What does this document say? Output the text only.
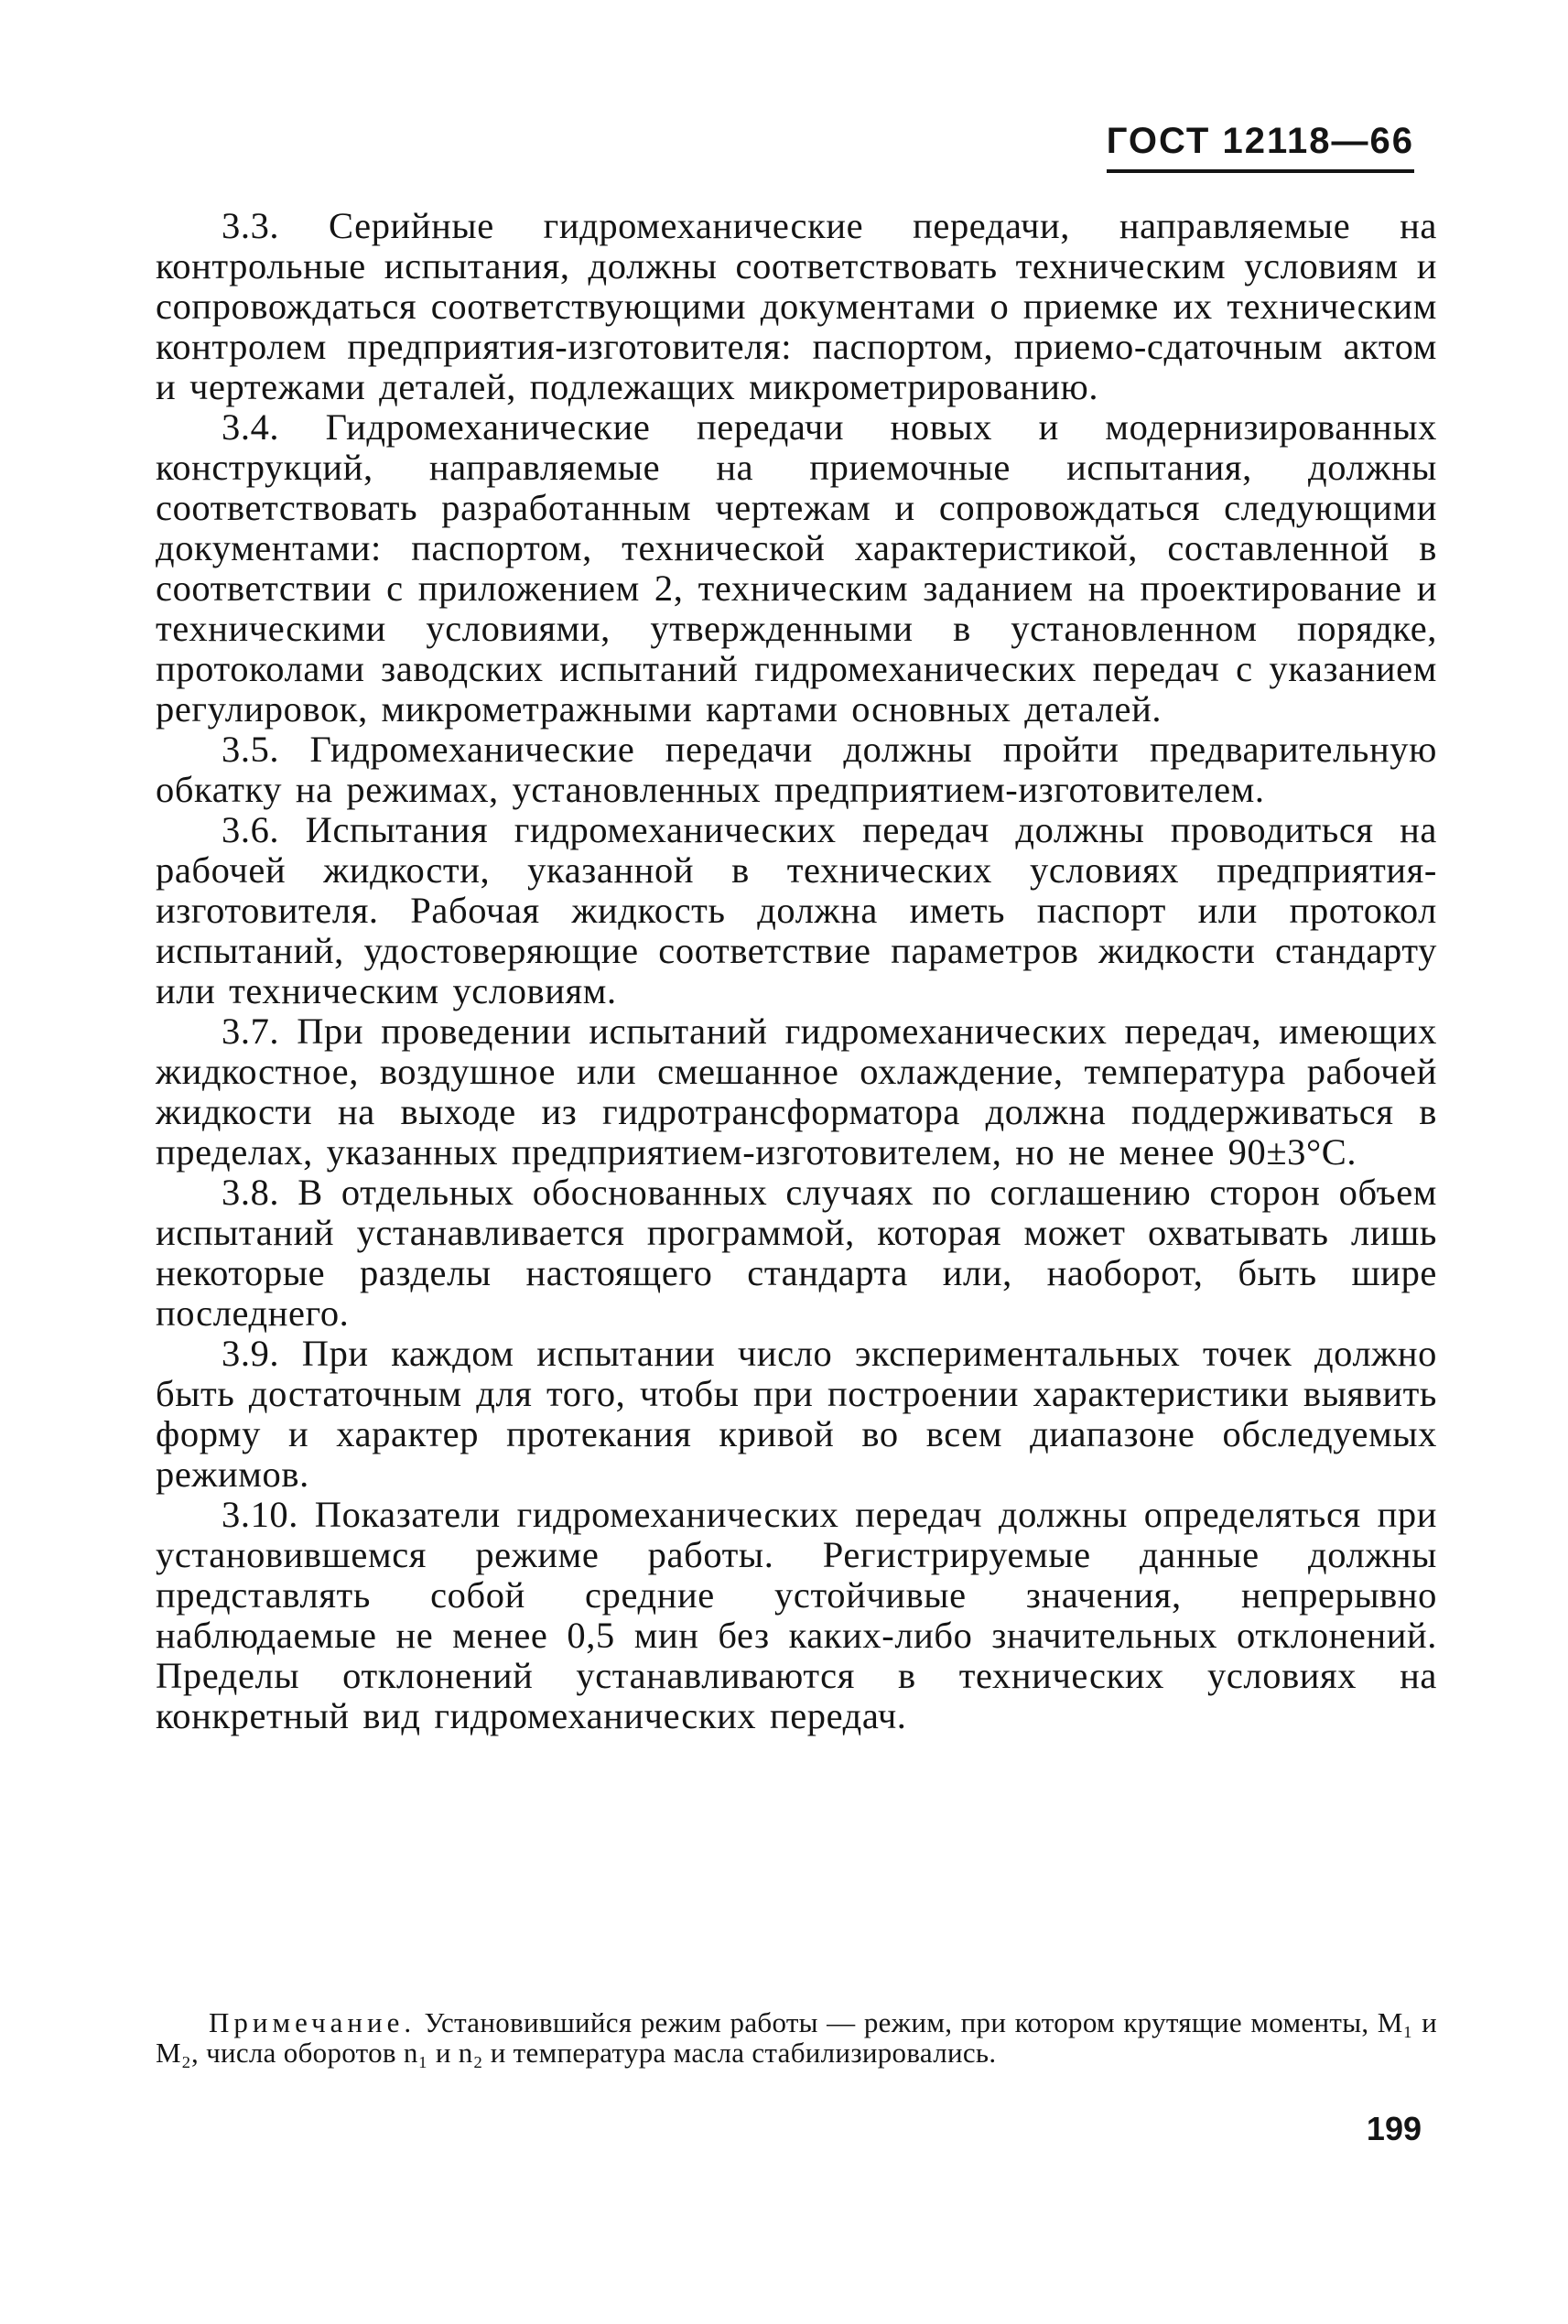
ГОСТ 12118—66

3.3. Серийные гидромеханические передачи, направляемые на контрольные испытания, должны соответствовать техническим условиям и сопровождаться соответствующими документами о приемке их техническим контролем предприятия-изготовителя: паспортом, приемо-сдаточным актом и чертежами деталей, подлежащих микрометрированию.

3.4. Гидромеханические передачи новых и модернизированных конструкций, направляемые на приемочные испытания, должны соответствовать разработанным чертежам и сопровождаться следующими документами: паспортом, технической характеристикой, составленной в соответствии с приложением 2, техническим заданием на проектирование и техническими условиями, утвержденными в установленном порядке, протоколами заводских испытаний гидромеханических передач с указанием регулировок, микрометражными картами основных деталей.

3.5. Гидромеханические передачи должны пройти предварительную обкатку на режимах, установленных предприятием-изготовителем.

3.6. Испытания гидромеханических передач должны проводиться на рабочей жидкости, указанной в технических условиях предприятия-изготовителя. Рабочая жидкость должна иметь паспорт или протокол испытаний, удостоверяющие соответствие параметров жидкости стандарту или техническим условиям.

3.7. При проведении испытаний гидромеханических передач, имеющих жидкостное, воздушное или смешанное охлаждение, температура рабочей жидкости на выходе из гидротрансформатора должна поддерживаться в пределах, указанных предприятием-изготовителем, но не менее 90±3°С.

3.8. В отдельных обоснованных случаях по соглашению сторон объем испытаний устанавливается программой, которая может охватывать лишь некоторые разделы настоящего стандарта или, наоборот, быть шире последнего.

3.9. При каждом испытании число экспериментальных точек должно быть достаточным для того, чтобы при построении характеристики выявить форму и характер протекания кривой во всем диапазоне обследуемых режимов.

3.10. Показатели гидромеханических передач должны определяться при установившемся режиме работы. Регистрируемые данные должны представлять собой средние устойчивые значения, непрерывно наблюдаемые не менее 0,5 мин без каких-либо значительных отклонений. Пределы отклонений устанавливаются в технических условиях на конкретный вид гидромеханических передач.

Примечание. Установившийся режим работы — режим, при котором крутящие моменты, M₁ и M₂, числа оборотов n₁ и n₂ и температура масла стабилизировались.
199
